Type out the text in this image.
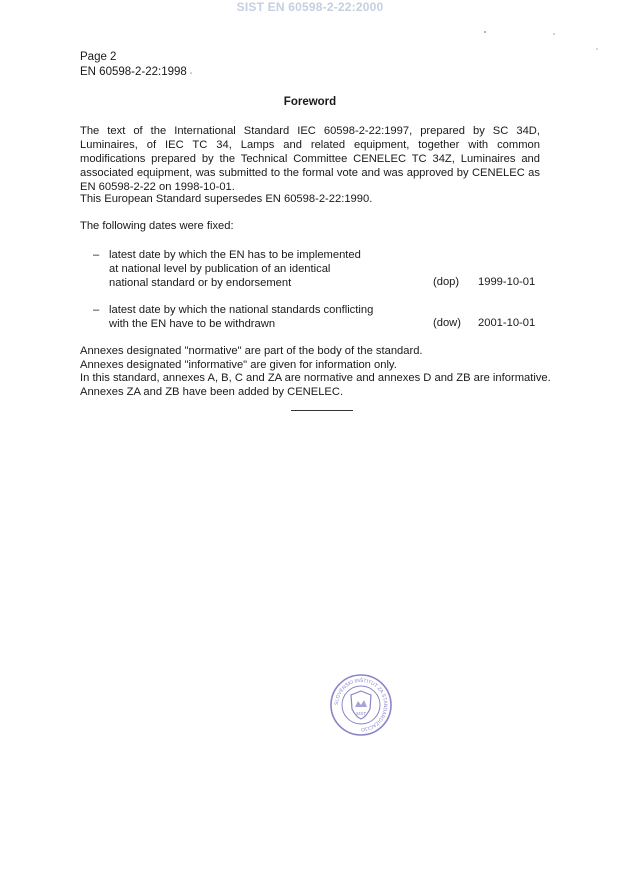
SIST EN 60598-2-22:2000
Page 2
EN 60598-2-22:1998
Foreword

The text of the International Standard IEC 60598-2-22:1997, prepared by SC 34D, Luminaires, of IEC TC 34, Lamps and related equipment, together with common modifications prepared by the Technical Committee CENELEC TC 34Z, Luminaires and associated equipment, was submitted to the formal vote and was approved by CENELEC as EN 60598-2-22 on 1998-10-01.

This European Standard supersedes EN 60598-2-22:1990.

The following dates were fixed:

– latest date by which the EN has to be implemented
at national level by publication of an identical
national standard or by endorsement	(dop) 1999-10-01
– latest date by which the national standards conflicting
with the EN have to be withdrawn	(dow) 2001-10-01
Annexes designated "normative" are part of the body of the standard.
Annexes designated "informative" are given for information only.
In this standard, annexes A, B, C and ZA are normative and annexes D and ZB are informative.
Annexes ZA and ZB have been added by CENELEC.
SLOVENSKI INŠTITUT ZA STANDARDIZACIJO
SIST
